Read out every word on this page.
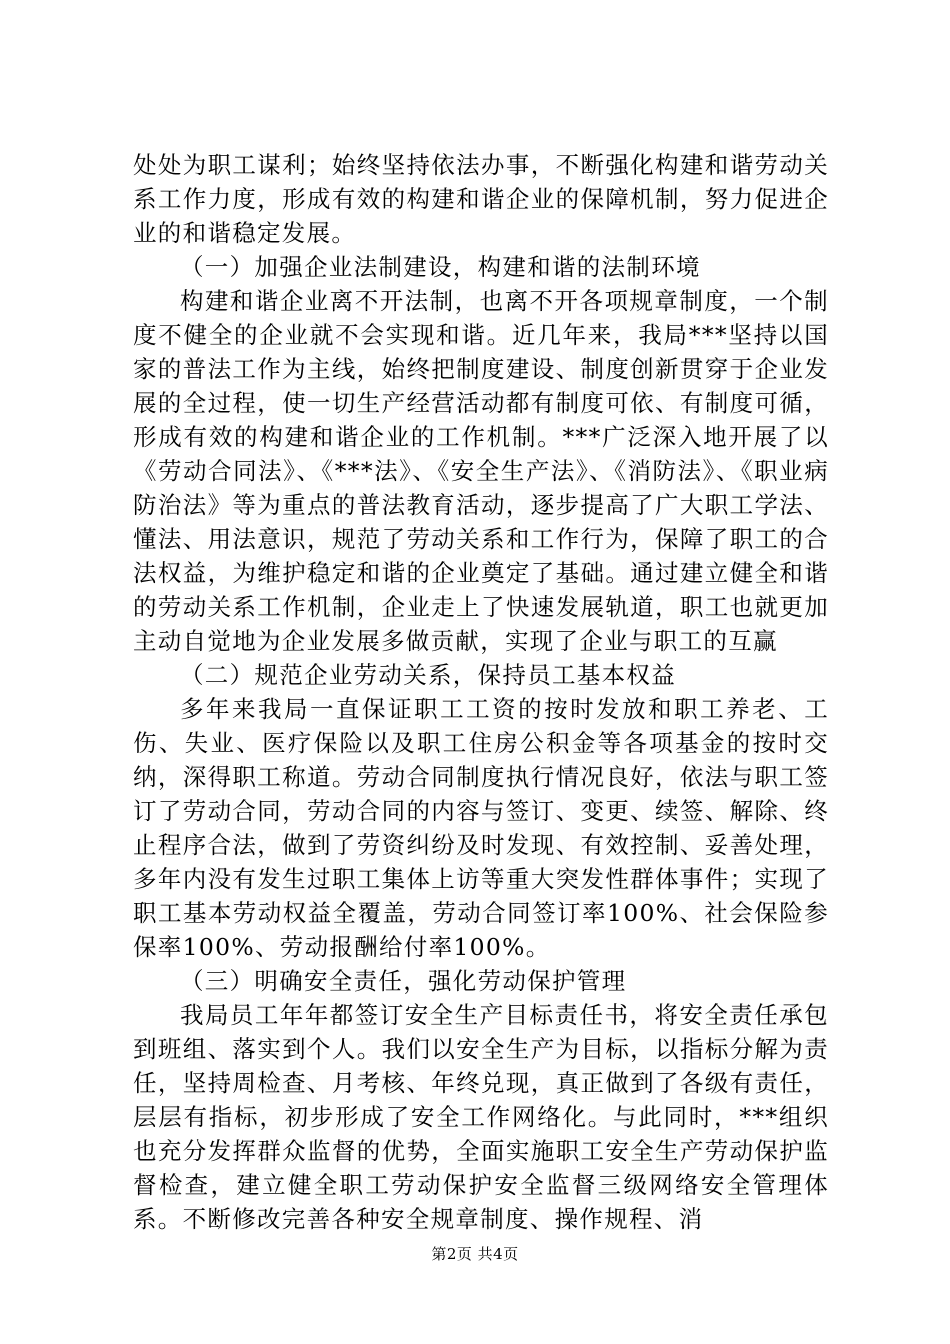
处处为职工谋利；始终坚持依法办事，不断强化构建和谐劳动关系工作力度，形成有效的构建和谐企业的保障机制，努力促进企业的和谐稳定发展。

（一）加强企业法制建设，构建和谐的法制环境

构建和谐企业离不开法制，也离不开各项规章制度，一个制度不健全的企业就不会实现和谐。近几年来，我局***坚持以国家的普法工作为主线，始终把制度建设、制度创新贯穿于企业发展的全过程，使一切生产经营活动都有制度可依、有制度可循，形成有效的构建和谐企业的工作机制。***广泛深入地开展了以《劳动合同法》、《***法》、《安全生产法》、《消防法》、《职业病防治法》等为重点的普法教育活动，逐步提高了广大职工学法、懂法、用法意识，规范了劳动关系和工作行为，保障了职工的合法权益，为维护稳定和谐的企业奠定了基础。通过建立健全和谐的劳动关系工作机制，企业走上了快速发展轨道，职工也就更加主动自觉地为企业发展多做贡献，实现了企业与职工的互赢

（二）规范企业劳动关系，保持员工基本权益

多年来我局一直保证职工工资的按时发放和职工养老、工伤、失业、医疗保险以及职工住房公积金等各项基金的按时交纳，深得职工称道。劳动合同制度执行情况良好，依法与职工签订了劳动合同，劳动合同的内容与签订、变更、续签、解除、终止程序合法，做到了劳资纠纷及时发现、有效控制、妥善处理，多年内没有发生过职工集体上访等重大突发性群体事件；实现了职工基本劳动权益全覆盖，劳动合同签订率100%、社会保险参保率100%、劳动报酬给付率100%。

（三）明确安全责任，强化劳动保护管理

我局员工年年都签订安全生产目标责任书，将安全责任承包到班组、落实到个人。我们以安全生产为目标，以指标分解为责任，坚持周检查、月考核、年终兑现，真正做到了各级有责任，层层有指标，初步形成了安全工作网络化。与此同时，***组织也充分发挥群众监督的优势，全面实施职工安全生产劳动保护监督检查，建立健全职工劳动保护安全监督三级网络安全管理体系。不断修改完善各种安全规章制度、操作规程、消

第2页 共4页
